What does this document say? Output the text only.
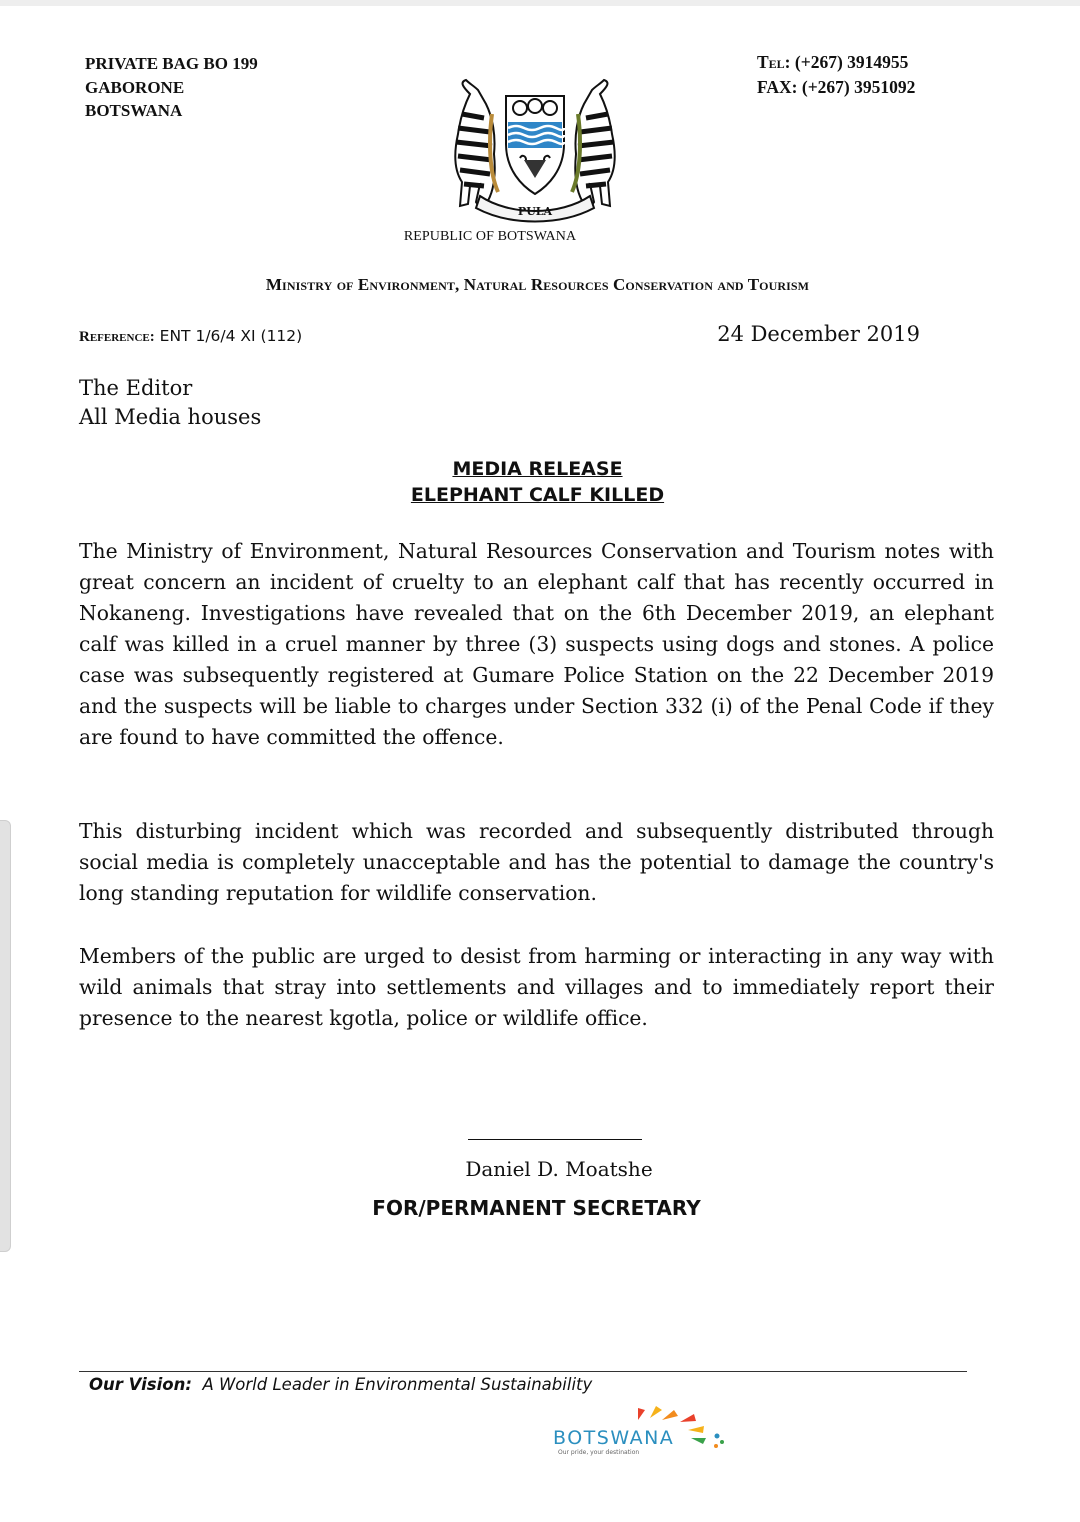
PRIVATE BAG BO 199
GABORONE
BOTSWANA
Tel: (+267) 3914955
FAX: (+267) 3951092
PULA
REPUBLIC OF BOTSWANA
Ministry of Environment, Natural Resources Conservation and Tourism
Reference: ENT 1/6/4 XI (112)	24 December 2019
The Editor
All Media houses
MEDIA RELEASE
ELEPHANT CALF KILLED
The Ministry of Environment, Natural Resources Conservation and Tourism notes with great concern an incident of cruelty to an elephant calf that has recently occurred in Nokaneng. Investigations have revealed that on the 6th December 2019, an elephant calf was killed in a cruel manner by three (3) suspects using dogs and stones. A police case was subsequently registered at Gumare Police Station on the 22 December 2019 and the suspects will be liable to charges under Section 332 (i) of the Penal Code if they are found to have committed the offence.
This disturbing incident which was recorded and subsequently distributed through social media is completely unacceptable and has the potential to damage the country's long standing reputation for wildlife conservation.
Members of the public are urged to desist from harming or interacting in any way with wild animals that stray into settlements and villages and to immediately report their presence to the nearest kgotla, police or wildlife office.
Daniel D. Moatshe
FOR/PERMANENT SECRETARY
Our Vision: A World Leader in Environmental Sustainability
Our pride, your destination
BOTSWANA
